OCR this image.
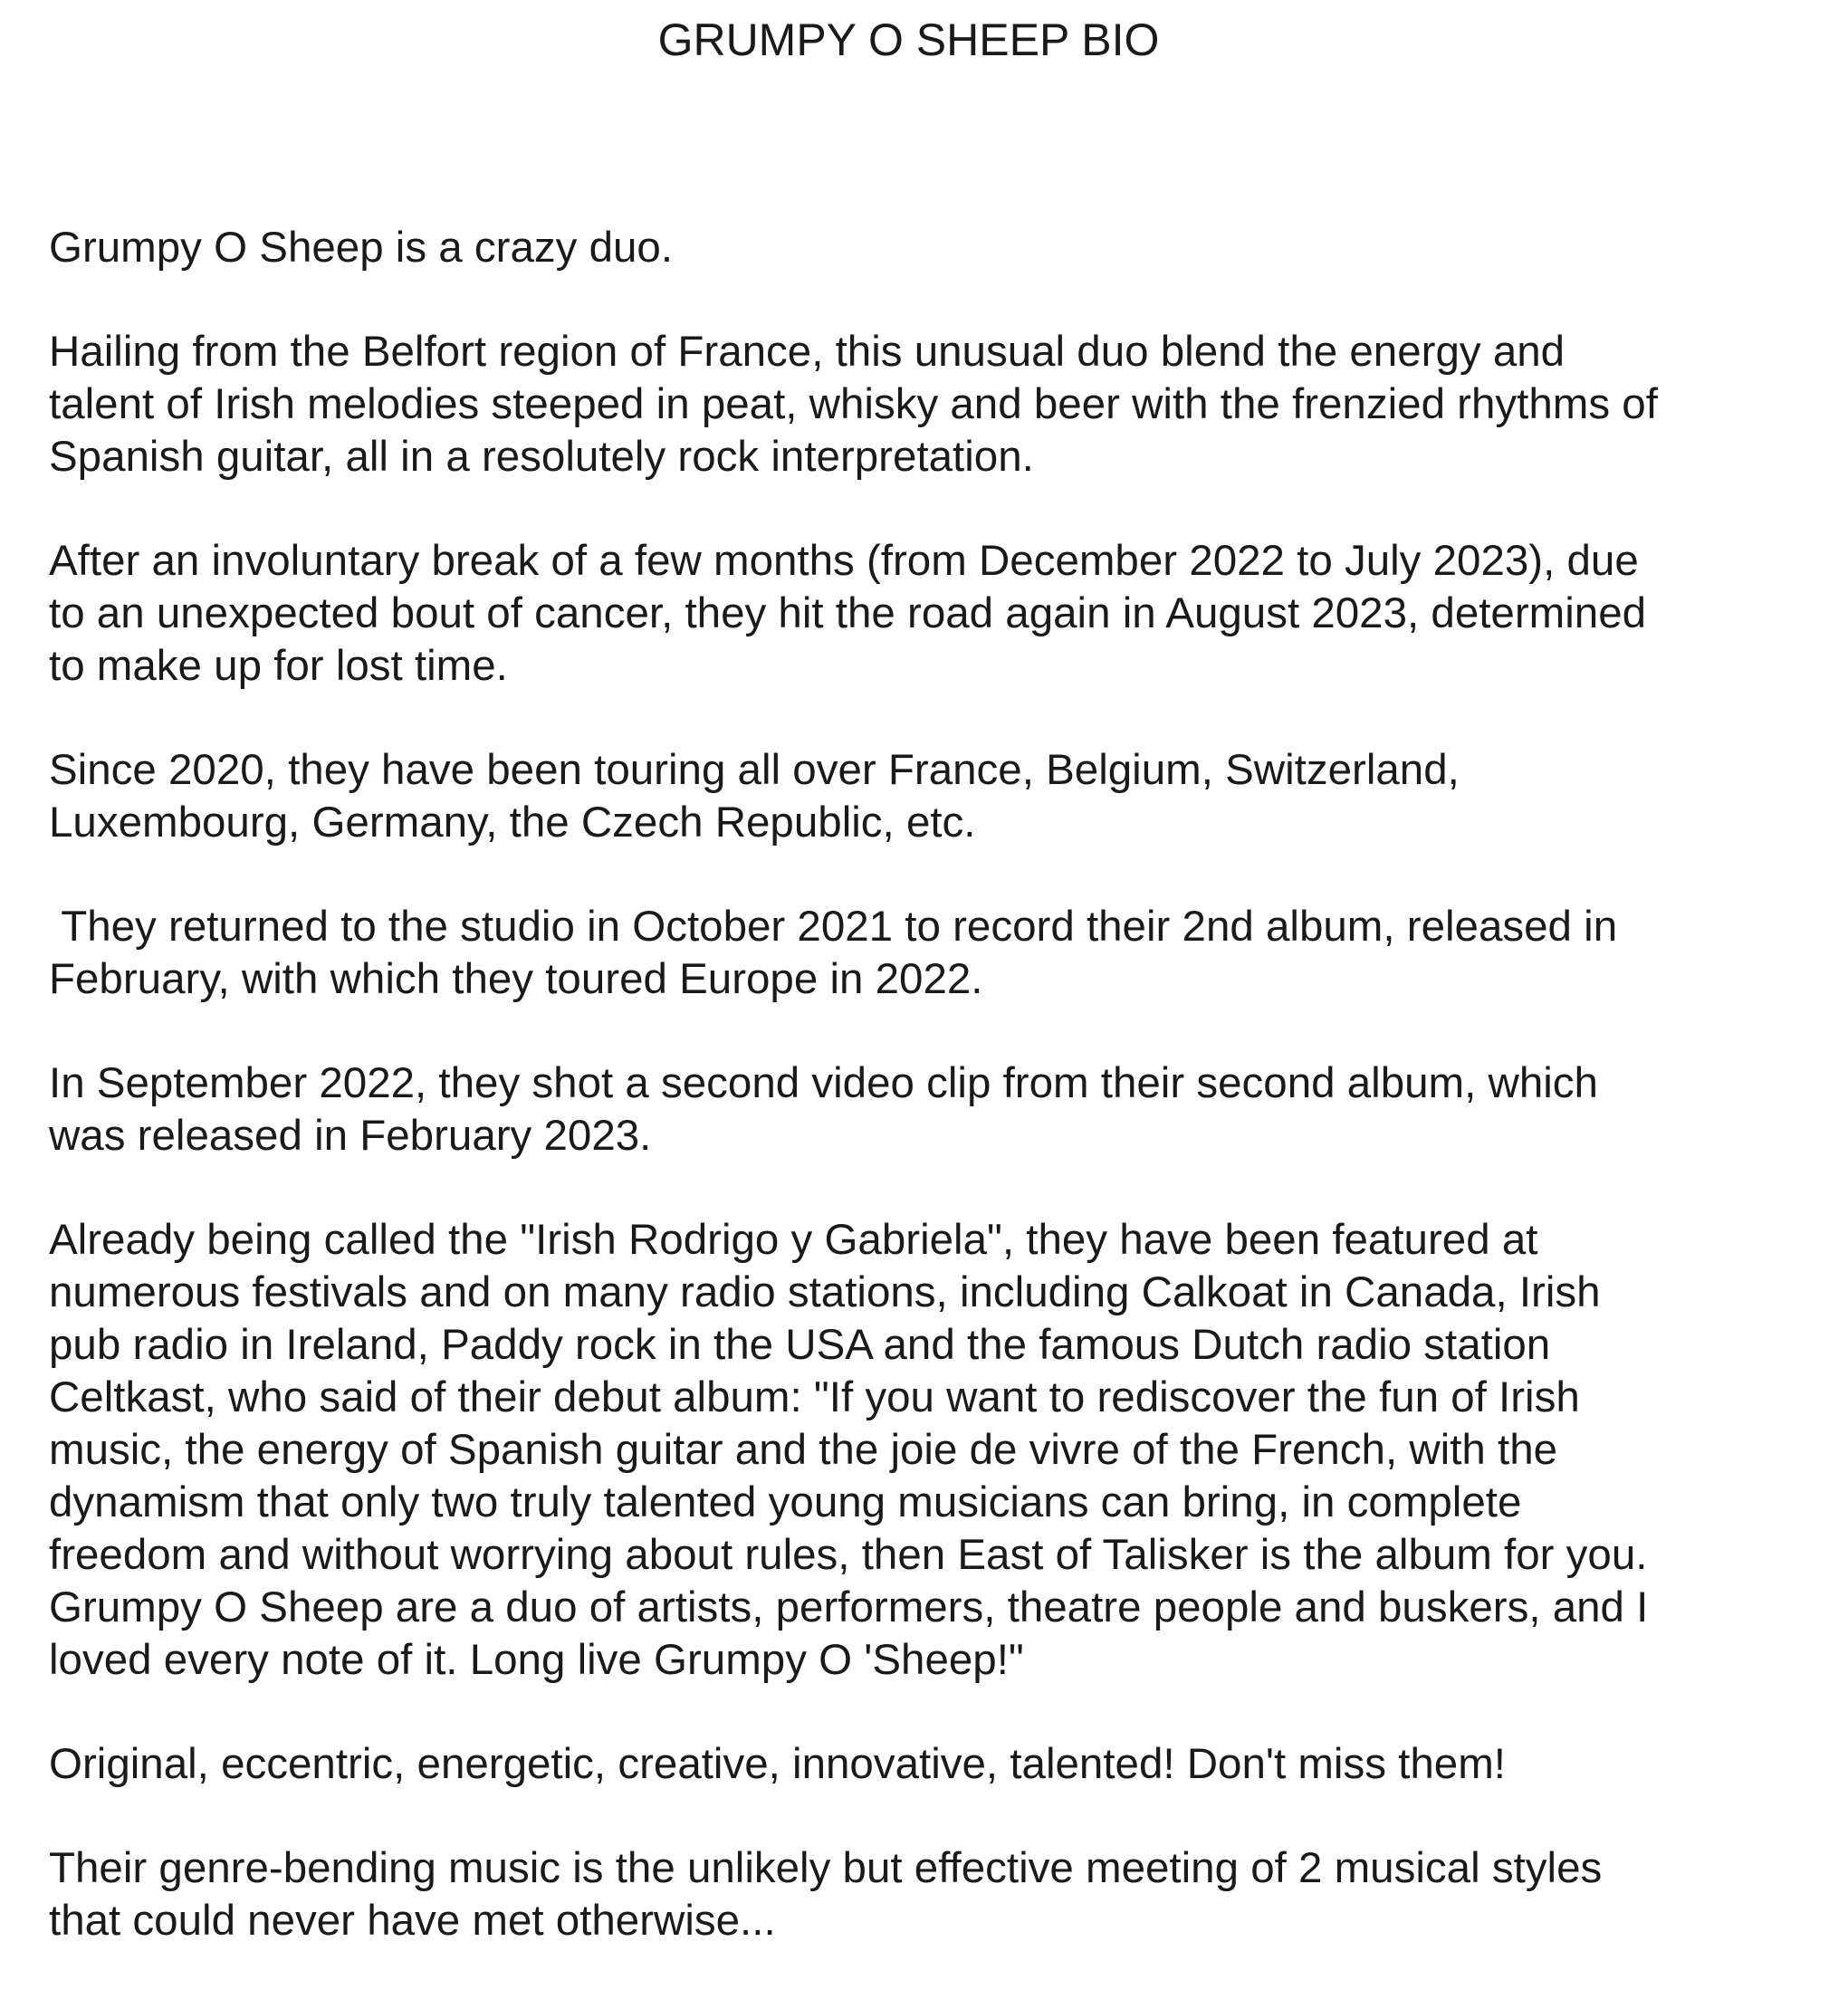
GRUMPY O SHEEP BIO

Grumpy O Sheep is a crazy duo.

Hailing from the Belfort region of France, this unusual duo blend the energy and
talent of Irish melodies steeped in peat, whisky and beer with the frenzied rhythms of
Spanish guitar, all in a resolutely rock interpretation.

After an involuntary break of a few months (from December 2022 to July 2023), due
to an unexpected bout of cancer, they hit the road again in August 2023, determined
to make up for lost time.

Since 2020, they have been touring all over France, Belgium, Switzerland,
Luxembourg, Germany, the Czech Republic, etc.

They returned to the studio in October 2021 to record their 2nd album, released in
February, with which they toured Europe in 2022.

In September 2022, they shot a second video clip from their second album, which
was released in February 2023.

Already being called the "Irish Rodrigo y Gabriela", they have been featured at
numerous festivals and on many radio stations, including Calkoat in Canada, Irish
pub radio in Ireland, Paddy rock in the USA and the famous Dutch radio station
Celtkast, who said of their debut album: "If you want to rediscover the fun of Irish
music, the energy of Spanish guitar and the joie de vivre of the French, with the
dynamism that only two truly talented young musicians can bring, in complete
freedom and without worrying about rules, then East of Talisker is the album for you.
Grumpy O Sheep are a duo of artists, performers, theatre people and buskers, and I
loved every note of it. Long live Grumpy O 'Sheep!"

Original, eccentric, energetic, creative, innovative, talented! Don't miss them!

Their genre-bending music is the unlikely but effective meeting of 2 musical styles
that could never have met otherwise...
